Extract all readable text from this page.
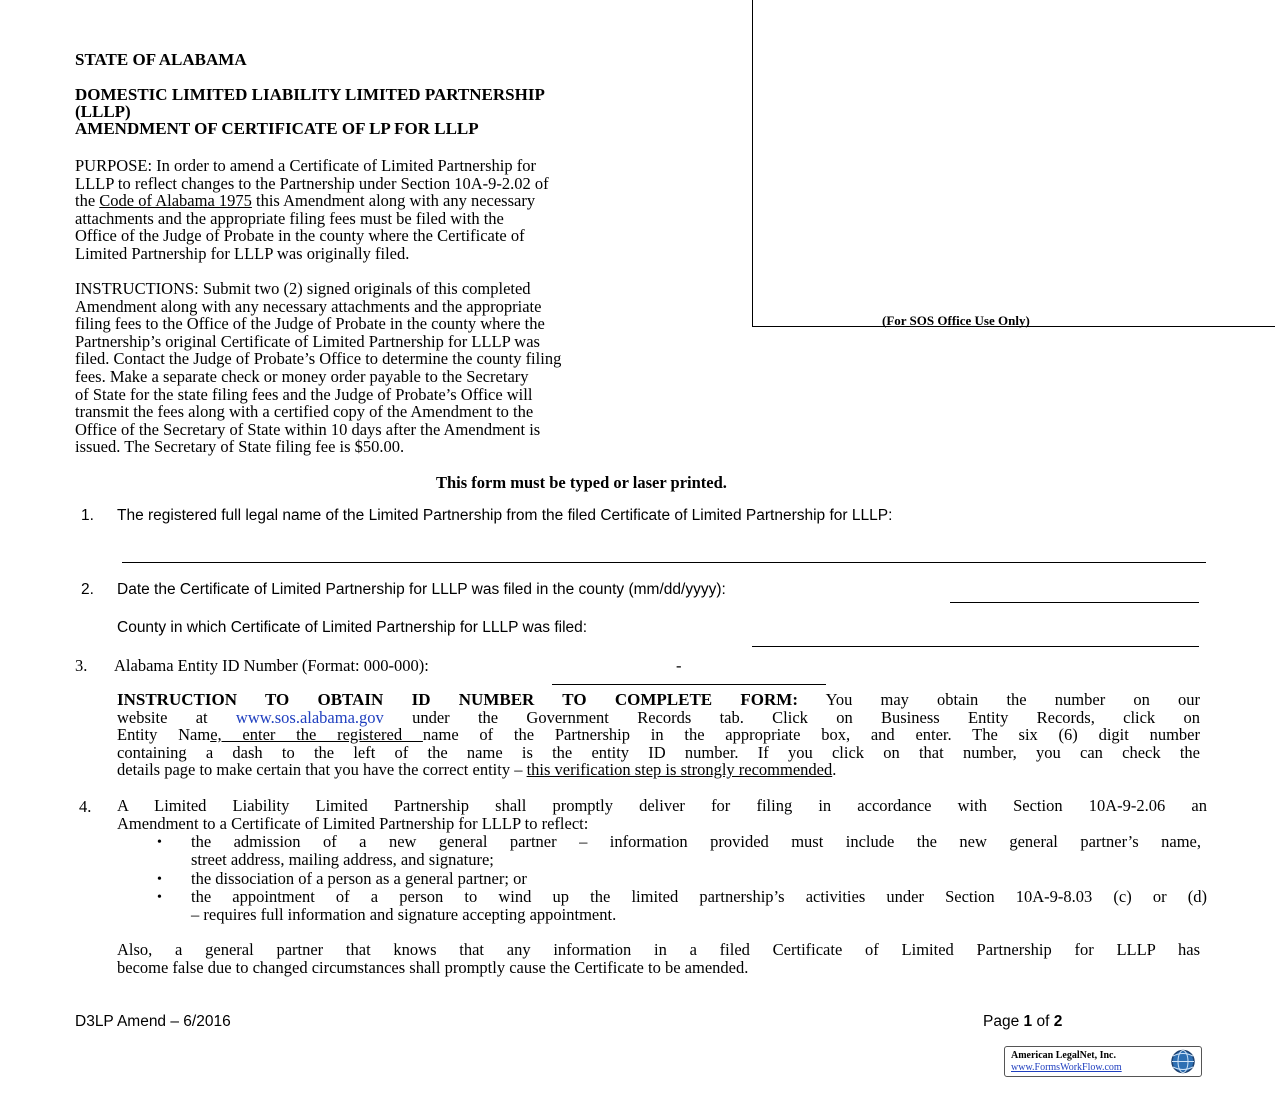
STATE OF ALABAMA
DOMESTIC LIMITED LIABILITY LIMITED PARTNERSHIP
(LLLP)
AMENDMENT OF CERTIFICATE OF LP FOR LLLP
PURPOSE: In order to amend a Certificate of Limited Partnership for
LLLP to reflect changes to the Partnership under Section 10A-9-2.02 of
the Code of Alabama 1975 this Amendment along with any necessary
attachments and the appropriate filing fees must be filed with the
Office of the Judge of Probate in the county where the Certificate of
Limited Partnership for LLLP was originally filed.
INSTRUCTIONS: Submit two (2) signed originals of this completed
Amendment along with any necessary attachments and the appropriate
filing fees to the Office of the Judge of Probate in the county where the
Partnership’s original Certificate of Limited Partnership for LLLP was
filed. Contact the Judge of Probate’s Office to determine the county filing
fees. Make a separate check or money order payable to the Secretary
of State for the state filing fees and the Judge of Probate’s Office will
transmit the fees along with a certified copy of the Amendment to the
Office of the Secretary of State within 10 days after the Amendment is
issued. The Secretary of State filing fee is $50.00.
(For SOS Office Use Only)
This form must be typed or laser printed.
1. The registered full legal name of the Limited Partnership from the filed Certificate of Limited Partnership for LLLP:
2. Date the Certificate of Limited Partnership for LLLP was filed in the county (mm/dd/yyyy):
County in which Certificate of Limited Partnership for LLLP was filed:
3. Alabama Entity ID Number (Format: 000-000):	-
INSTRUCTION TO OBTAIN ID NUMBER TO COMPLETE FORM: You may obtain the number on our
website at www.sos.alabama.gov under the Government Records tab. Click on Business Entity Records, click on
Entity Name, enter the registered name of the Partnership in the appropriate box, and enter. The six (6) digit number
containing a dash to the left of the name is the entity ID number. If you click on that number, you can check the
details page to make certain that you have the correct entity – this verification step is strongly recommended.
4. A Limited Liability Limited Partnership shall promptly deliver for filing in accordance with Section 10A-9-2.06 an
Amendment to a Certificate of Limited Partnership for LLLP to reflect:
• the admission of a new general partner – information provided must include the new general partner’s name,
street address, mailing address, and signature;
• the dissociation of a person as a general partner; or
• the appointment of a person to wind up the limited partnership’s activities under Section 10A-9-8.03 (c) or (d)
– requires full information and signature accepting appointment.
Also, a general partner that knows that any information in a filed Certificate of Limited Partnership for LLLP has
become false due to changed circumstances shall promptly cause the Certificate to be amended.
D3LP Amend – 6/2016	Page 1 of 2
American LegalNet, Inc.
www.FormsWorkFlow.com
